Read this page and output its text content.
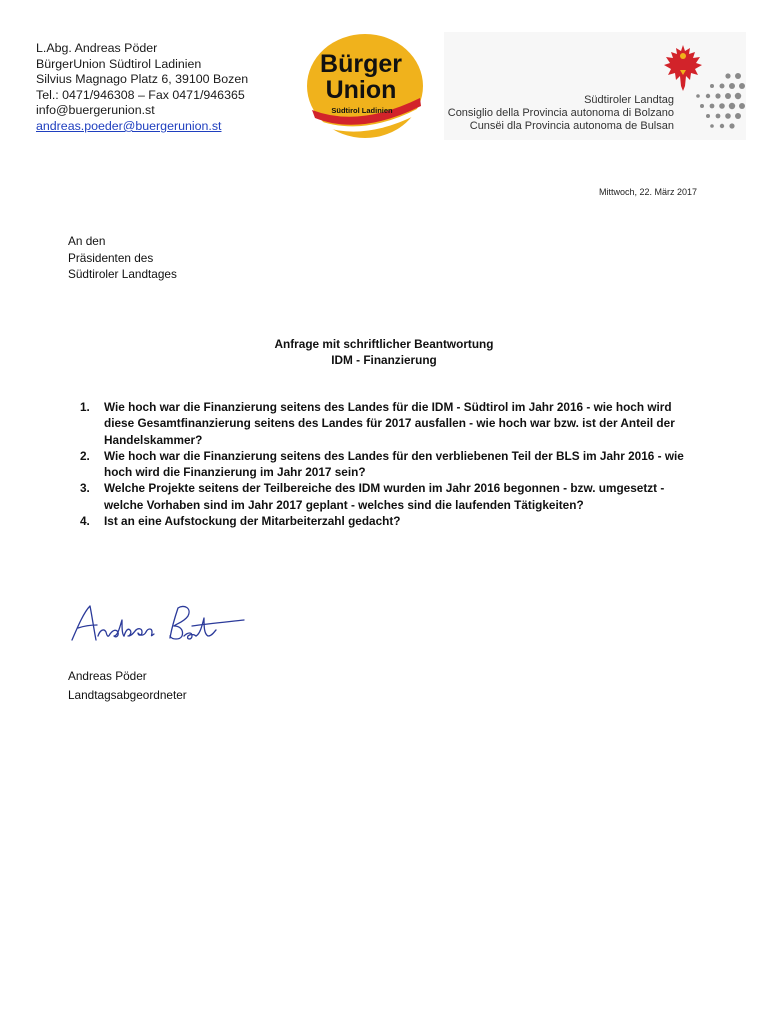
L.Abg. Andreas Pöder
BürgerUnion Südtirol Ladinien
Silvius Magnago Platz 6, 39100 Bozen
Tel.: 0471/946308 – Fax 0471/946365
info@buergerunion.st
andreas.poeder@buergerunion.st
Bürger
Union
Südtirol Ladinien
Südtiroler Landtag
Consiglio della Provincia autonoma di Bolzano
Cunsëi dla Provincia autonoma de Bulsan
Mittwoch, 22. März 2017
An den
Präsidenten des
Südtiroler Landtages
Anfrage mit schriftlicher Beantwortung
IDM - Finanzierung
1. Wie hoch war die Finanzierung seitens des Landes für die IDM - Südtirol im Jahr 2016 - wie hoch wird
diese Gesamtfinanzierung seitens des Landes für 2017 ausfallen - wie hoch war bzw. ist der Anteil der
Handelskammer?
2. Wie hoch war die Finanzierung seitens des Landes für den verbliebenen Teil der BLS im Jahr 2016 - wie
hoch wird die Finanzierung im Jahr 2017 sein?
3. Welche Projekte seitens der Teilbereiche des IDM wurden im Jahr 2016 begonnen - bzw. umgesetzt -
welche Vorhaben sind im Jahr 2017 geplant - welches sind die laufenden Tätigkeiten?
4. Ist an eine Aufstockung der Mitarbeiterzahl gedacht?
Andreas Pöder
Landtagsabgeordneter
